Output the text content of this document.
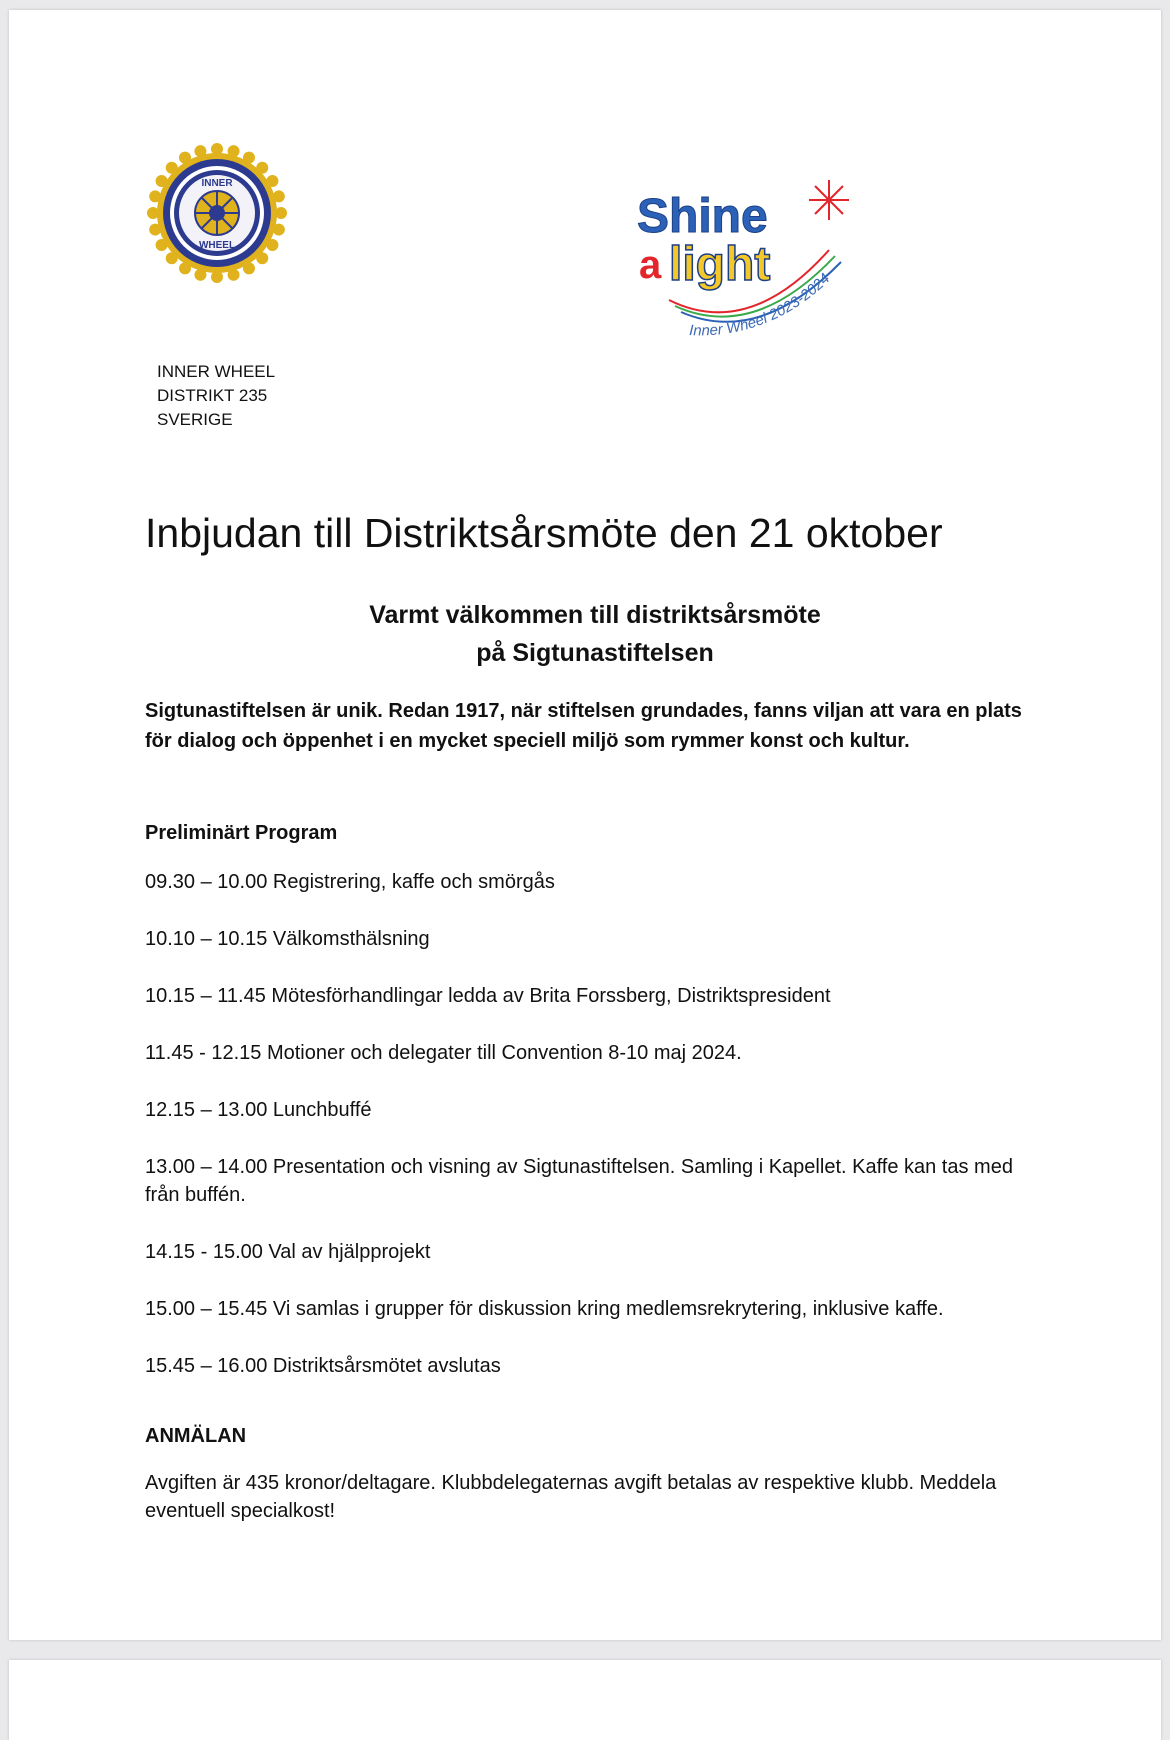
INNER
WHEEL
Shine
a light
Inner Wheel 2023-2024
INNER WHEEL
DISTRIKT 235
SVERIGE
Inbjudan till Distriktsårsmöte den 21 oktober
Varmt välkommen till distriktsårsmöte
på Sigtunastiftelsen
Sigtunastiftelsen är unik. Redan 1917, när stiftelsen grundades, fanns viljan att vara en plats för dialog och öppenhet i en mycket speciell miljö som rymmer konst och kultur.
Preliminärt Program
09.30 – 10.00 Registrering, kaffe och smörgås
10.10 – 10.15 Välkomsthälsning
10.15 – 11.45 Mötesförhandlingar ledda av Brita Forssberg, Distriktspresident
11.45 - 12.15 Motioner och delegater till Convention 8-10 maj 2024.
12.15 – 13.00 Lunchbuffé
13.00 – 14.00 Presentation och visning av Sigtunastiftelsen. Samling i Kapellet. Kaffe kan tas med från buffén.
14.15 - 15.00 Val av hjälpprojekt
15.00 – 15.45 Vi samlas i grupper för diskussion kring medlemsrekrytering, inklusive kaffe.
15.45 – 16.00 Distriktsårsmötet avslutas
ANMÄLAN
Avgiften är 435 kronor/deltagare. Klubbdelegaternas avgift betalas av respektive klubb. Meddela eventuell specialkost!
